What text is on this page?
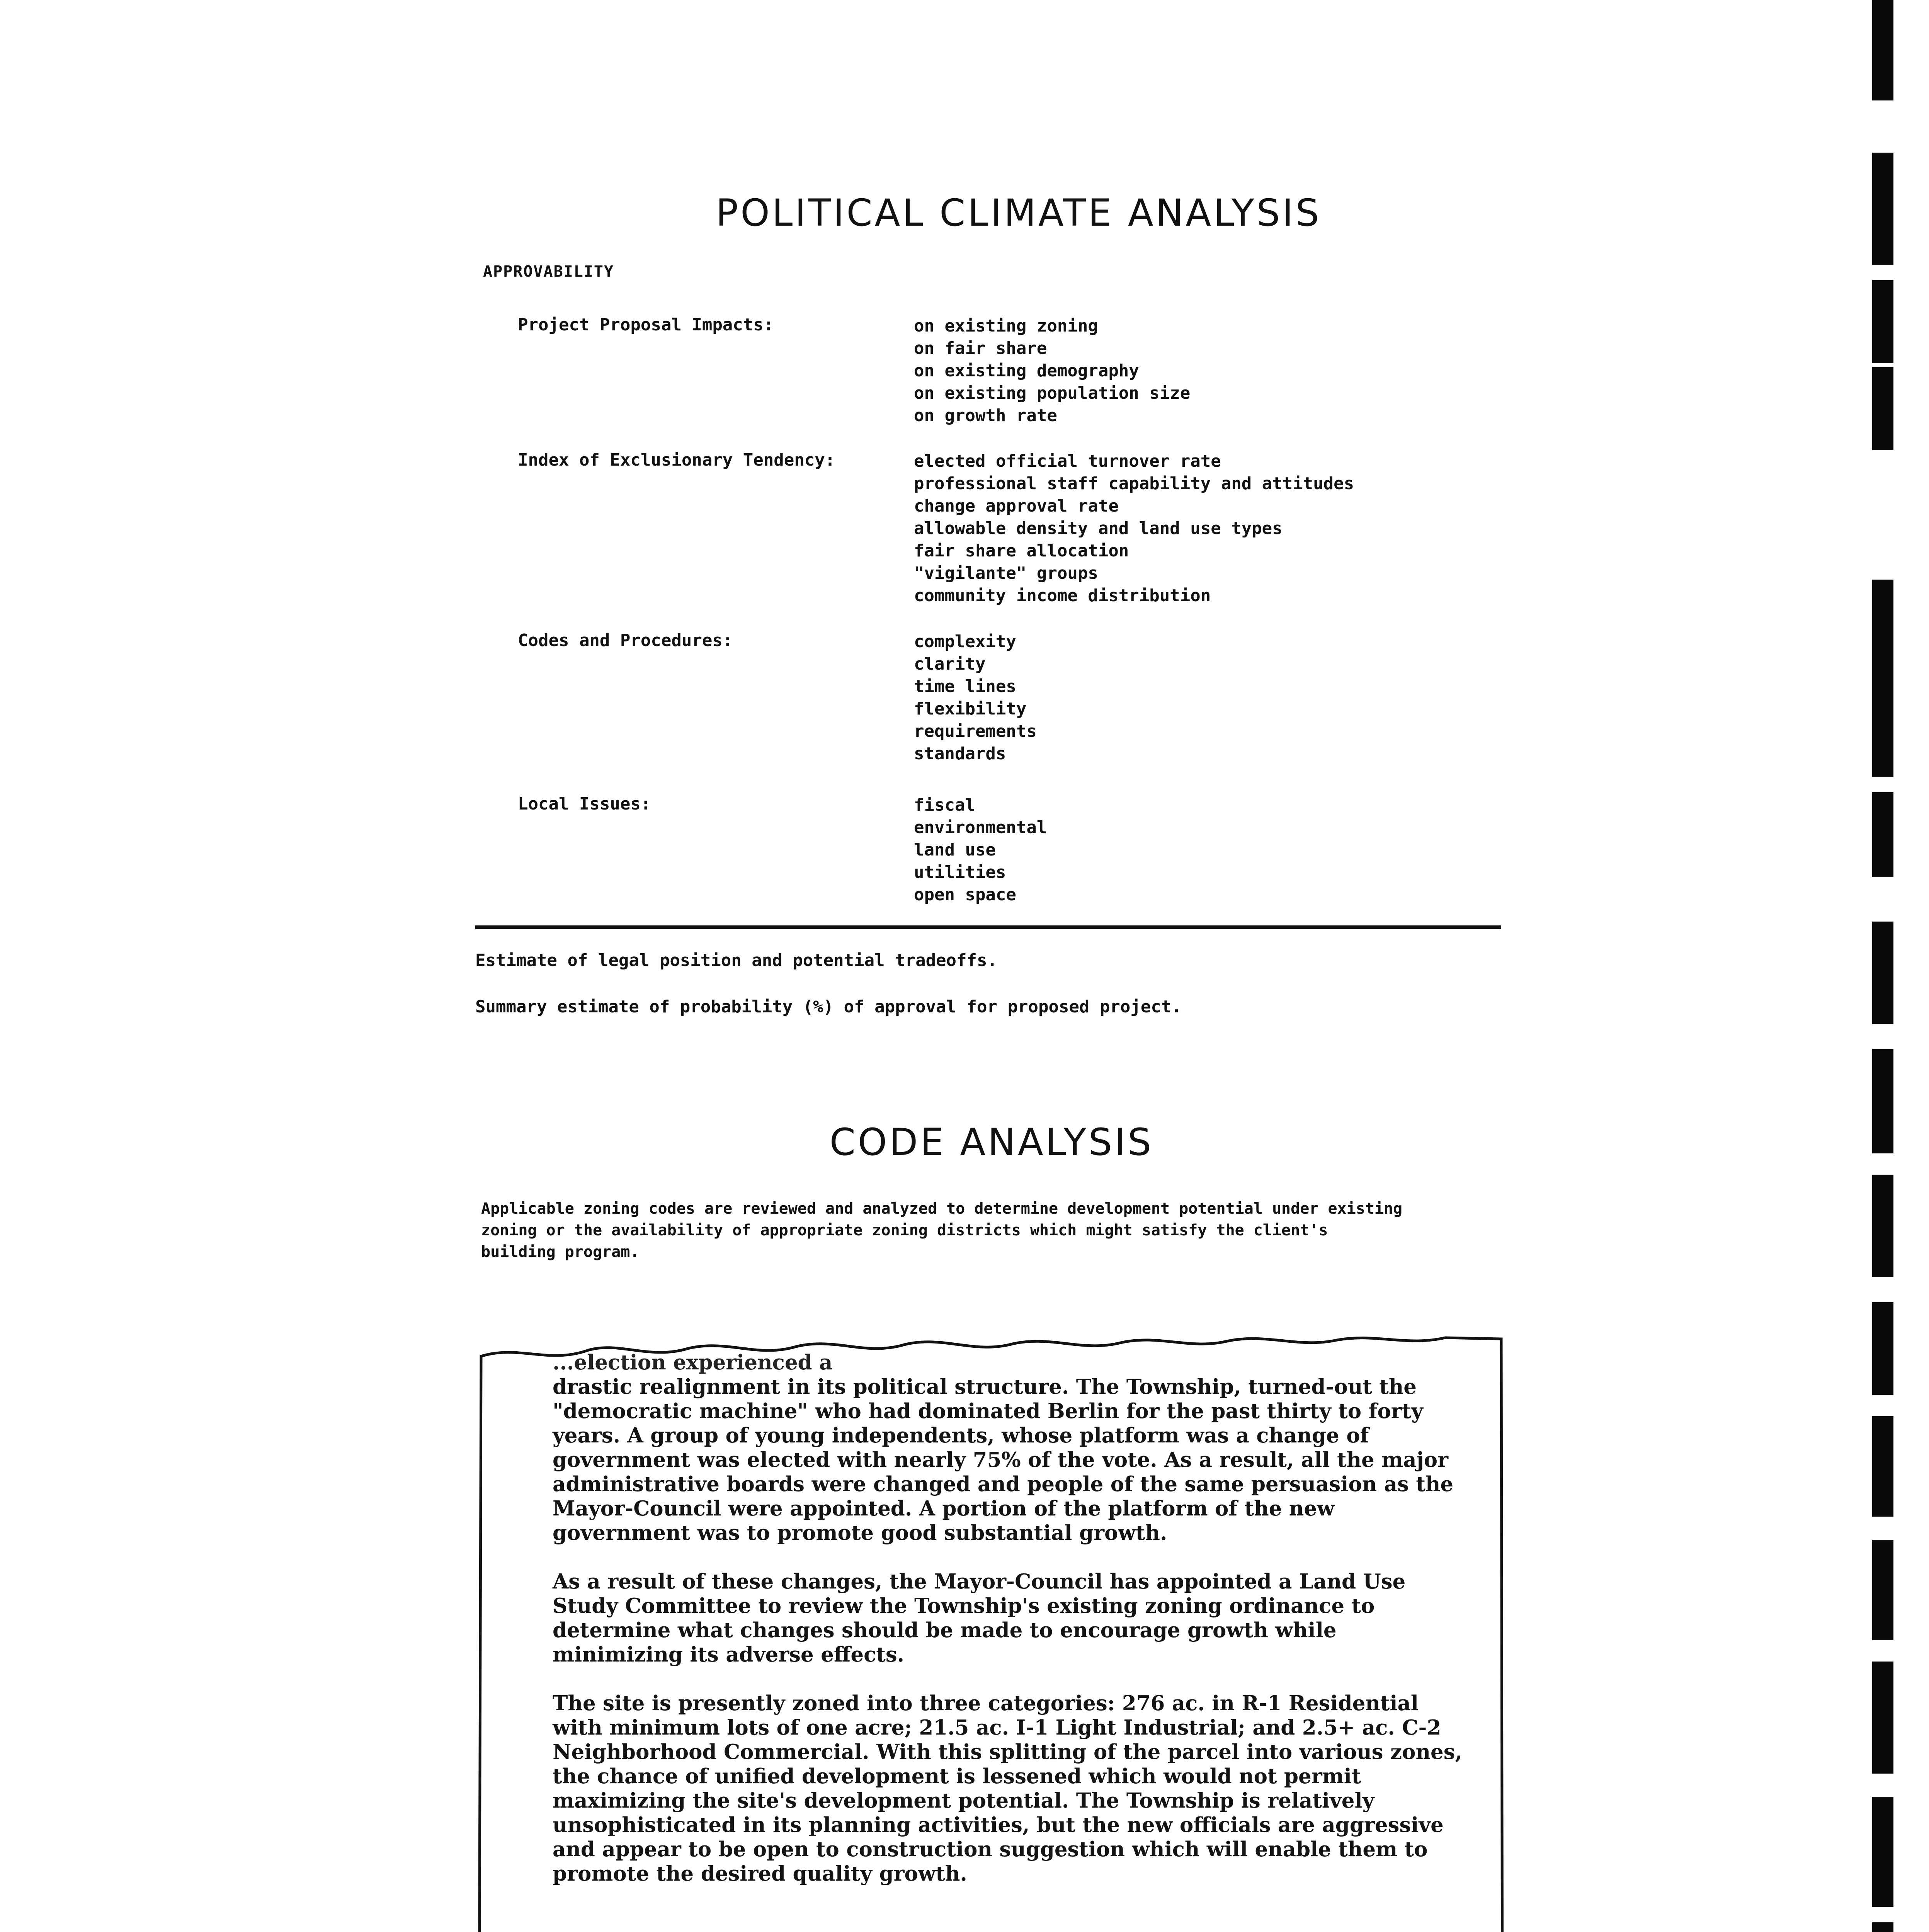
POLITICAL CLIMATE ANALYSIS
APPROVABILITY
Project Proposal Impacts:	on existing zoning
on fair share
on existing demography
on existing population size
on growth rate
Index of Exclusionary Tendency:	elected official turnover rate
professional staff capability and attitudes
change approval rate
allowable density and land use types
fair share allocation
"vigilante" groups
community income distribution
Codes and Procedures:	complexity
clarity
time lines
flexibility
requirements
standards
Local Issues:	fiscal
environmental
land use
utilities
open space
Estimate of legal position and potential tradeoffs.
Summary estimate of probability (%) of approval for proposed project.
CODE ANALYSIS
Applicable zoning codes are reviewed and analyzed to determine development potential under existing zoning or the availability of appropriate zoning districts which might satisfy the client's building program.

...election experienced a

drastic realignment in its political structure. The Township, turned-out the "democratic machine" who had dominated Berlin for the past thirty to forty years. A group of young independents, whose platform was a change of government was elected with nearly 75% of the vote. As a result, all the major administrative boards were changed and people of the same persuasion as the Mayor-Council were appointed. A portion of the platform of the new government was to promote good substantial growth.

As a result of these changes, the Mayor-Council has appointed a Land Use Study Committee to review the Township's existing zoning ordinance to determine what changes should be made to encourage growth while minimizing its adverse effects.

The site is presently zoned into three categories: 276 ac. in R-1 Residential with minimum lots of one acre; 21.5 ac. I-1 Light Industrial; and 2.5+ ac. C-2 Neighborhood Commercial. With this splitting of the parcel into various zones, the chance of unified development is lessened which would not permit maximizing the site's development potential. The Township is relatively unsophisticated in its planning activities, but the new officials are aggressive and appear to be open to construction suggestion which will enable them to promote the desired quality growth.
